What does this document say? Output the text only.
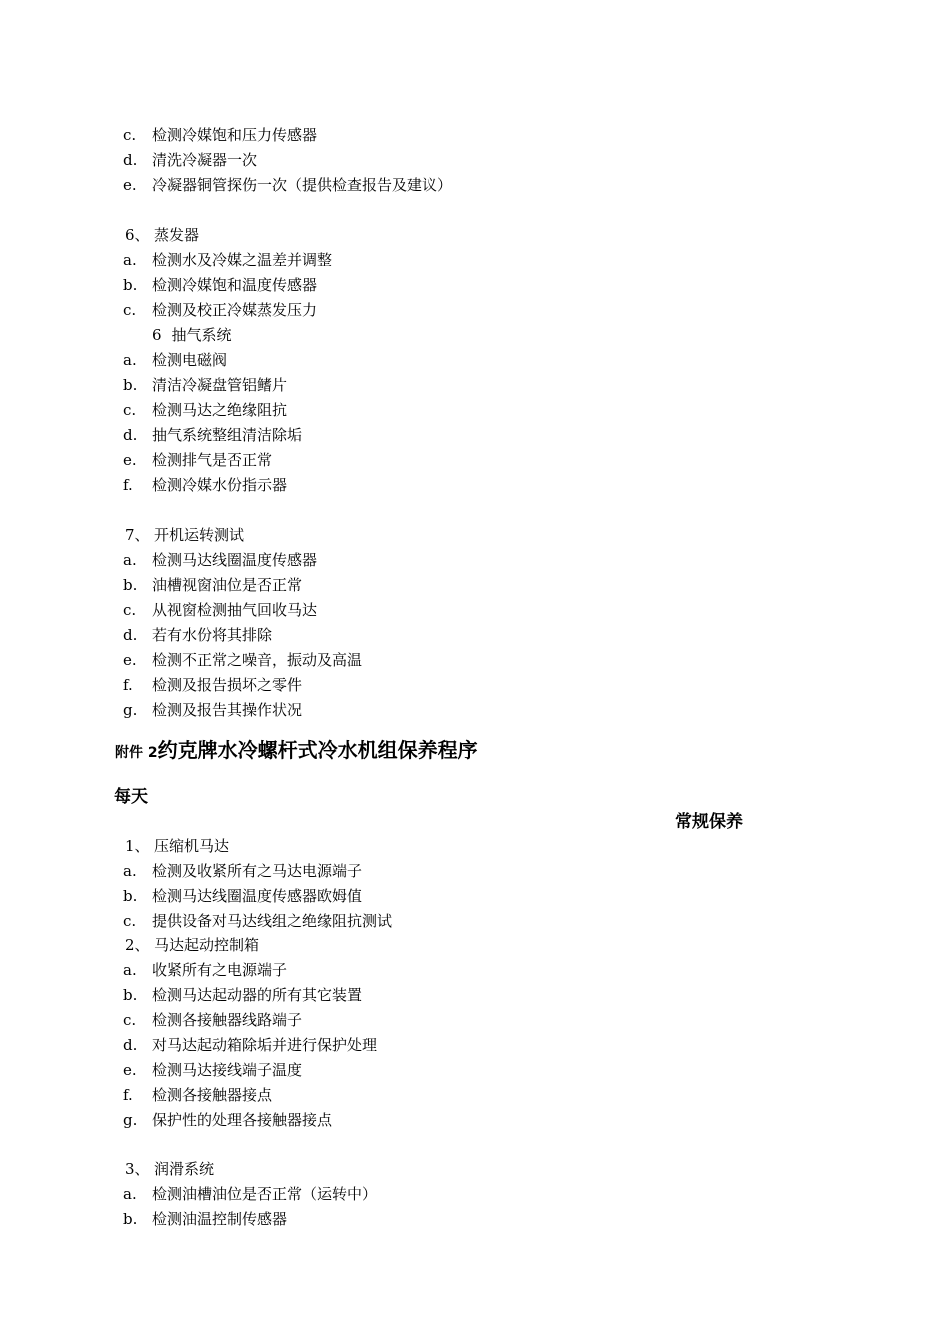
c. 检测冷媒饱和压力传感器
d. 清洗冷凝器一次
e. 冷凝器铜管探伤一次（提供检查报告及建议）
6、 蒸发器
a. 检测水及冷媒之温差并调整
b. 检测冷媒饱和温度传感器
c. 检测及校正冷媒蒸发压力
6 抽气系统
a. 检测电磁阀
b. 清洁冷凝盘管铝鳍片
c. 检测马达之绝缘阻抗
d. 抽气系统整组清洁除垢
e. 检测排气是否正常
f. 检测冷媒水份指示器
7、 开机运转测试
a. 检测马达线圈温度传感器
b. 油槽视窗油位是否正常
c. 从视窗检测抽气回收马达
d. 若有水份将其排除
e. 检测不正常之噪音，振动及高温
f. 检测及报告损坏之零件
g. 检测及报告其操作状况
附件 2约克牌水冷螺杆式冷水机组保养程序
每天
常规保养
1、 压缩机马达
a. 检测及收紧所有之马达电源端子
b. 检测马达线圈温度传感器欧姆值
c. 提供设备对马达线组之绝缘阻抗测试
2、 马达起动控制箱
a. 收紧所有之电源端子
b. 检测马达起动器的所有其它装置
c. 检测各接触器线路端子
d. 对马达起动箱除垢并进行保护处理
e. 检测马达接线端子温度
f. 检测各接触器接点
g. 保护性的处理各接触器接点
3、 润滑系统
a. 检测油槽油位是否正常（运转中）
b. 检测油温控制传感器
